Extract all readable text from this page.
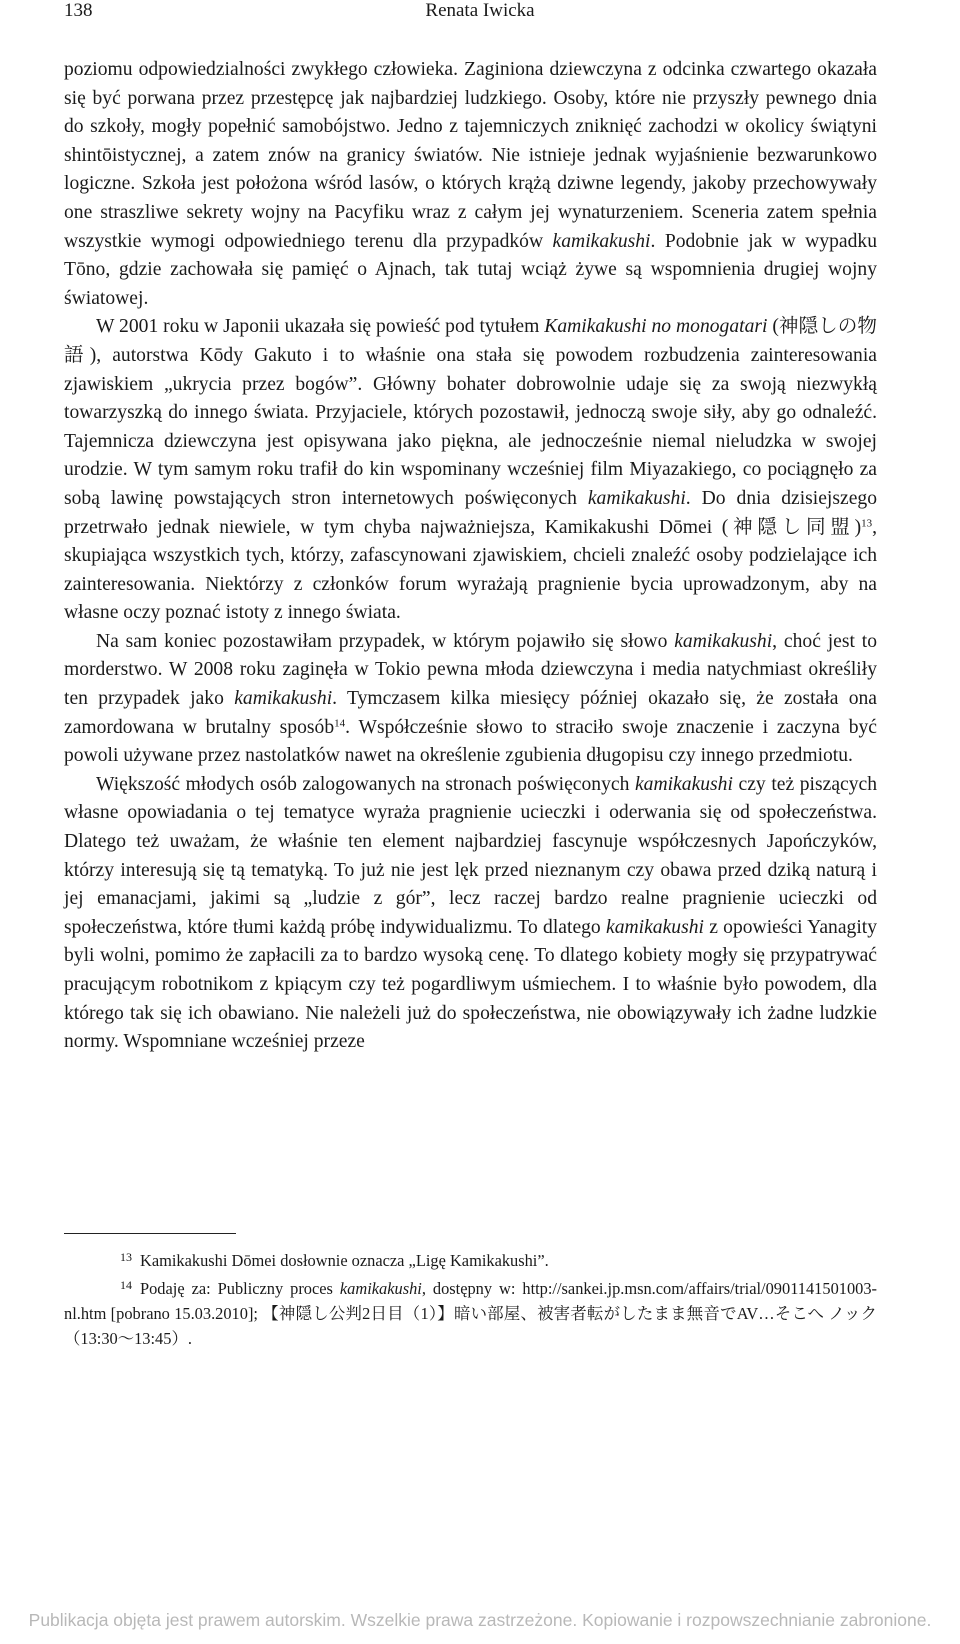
138	Renata Iwicka

poziomu odpowiedzialności zwykłego człowieka. Zaginiona dziewczyna z odcinka czwartego okazała się być porwana przez przestępcę jak najbardziej ludzkiego. Osoby, które nie przyszły pewnego dnia do szkoły, mogły popełnić samobójstwo. Jedno z tajemniczych zniknięć zachodzi w okolicy świątyni shintōistycznej, a zatem znów na granicy światów. Nie istnieje jednak wyjaśnienie bezwarunkowo logiczne. Szkoła jest położona wśród lasów, o których krążą dziwne legendy, jakoby przechowywały one straszliwe sekrety wojny na Pacyfiku wraz z całym jej wynaturzeniem. Sceneria zatem spełnia wszystkie wymogi odpowiedniego terenu dla przypadków kamikakushi. Podobnie jak w wypadku Tōno, gdzie zachowała się pamięć o Ajnach, tak tutaj wciąż żywe są wspomnienia drugiej wojny światowej.

W 2001 roku w Japonii ukazała się powieść pod tytułem Kamikakushi no monogatari (神隠しの物語), autorstwa Kōdy Gakuto i to właśnie ona stała się powodem rozbudzenia zainteresowania zjawiskiem „ukrycia przez bogów”. Główny bohater dobrowolnie udaje się za swoją niezwykłą towarzyszką do innego świata. Przyjaciele, których pozostawił, jednoczą swoje siły, aby go odnaleźć. Tajemnicza dziewczyna jest opisywana jako piękna, ale jednocześnie niemal nieludzka w swojej urodzie. W tym samym roku trafił do kin wspominany wcześniej film Miyazakiego, co pociągnęło za sobą lawinę powstających stron internetowych poświęconych kamikakushi. Do dnia dzisiejszego przetrwało jednak niewiele, w tym chyba najważniejsza, Kamikakushi Dōmei (神隠し同盟)$^{13}$, skupiająca wszystkich tych, którzy, zafascynowani zjawiskiem, chcieli znaleźć osoby podzielające ich zainteresowania. Niektórzy z członków forum wyrażają pragnienie bycia uprowadzonym, aby na własne oczy poznać istoty z innego świata.

Na sam koniec pozostawiłam przypadek, w którym pojawiło się słowo kamikakushi, choć jest to morderstwo. W 2008 roku zaginęła w Tokio pewna młoda dziewczyna i media natychmiast określiły ten przypadek jako kamikakushi. Tymczasem kilka miesięcy później okazało się, że została ona zamordowana w brutalny sposób$^{14}$. Współcześnie słowo to straciło swoje znaczenie i zaczyna być powoli używane przez nastolatków nawet na określenie zgubienia długopisu czy innego przedmiotu.

Większość młodych osób zalogowanych na stronach poświęconych kamikakushi czy też piszących własne opowiadania o tej tematyce wyraża pragnienie ucieczki i oderwania się od społeczeństwa. Dlatego też uważam, że właśnie ten element najbardziej fascynuje współczesnych Japończyków, którzy interesują się tą tematyką. To już nie jest lęk przed nieznanym czy obawa przed dziką naturą i jej emanacjami, jakimi są „ludzie z gór”, lecz raczej bardzo realne pragnienie ucieczki od społeczeństwa, które tłumi każdą próbę indywidualizmu. To dlatego kamikakushi z opowieści Yanagity byli wolni, pomimo że zapłacili za to bardzo wysoką cenę. To dlatego kobiety mogły się przypatrywać pracującym robotnikom z kpiącym czy też pogardliwym uśmiechem. I to właśnie było powodem, dla którego tak się ich obawiano. Nie należeli już do społeczeństwa, nie obowiązywały ich żadne ludzkie normy. Wspomniane wcześniej przeze

13 Kamikakushi Dōmei dosłownie oznacza „Ligę Kamikakushi”.

14 Podaję za: Publiczny proces kamikakushi, dostępny w: http://sankei.jp.msn.com/affairs/trial/0901141501003-nl.htm [pobrano 15.03.2010]; 【神隠し公判2日目（1）】暗い部屋、被害者転がしたまま無音でAV…そこへ ノック（13:30〜13:45）.

Publikacja objęta jest prawem autorskim. Wszelkie prawa zastrzeżone. Kopiowanie i rozpowszechnianie zabronione.
